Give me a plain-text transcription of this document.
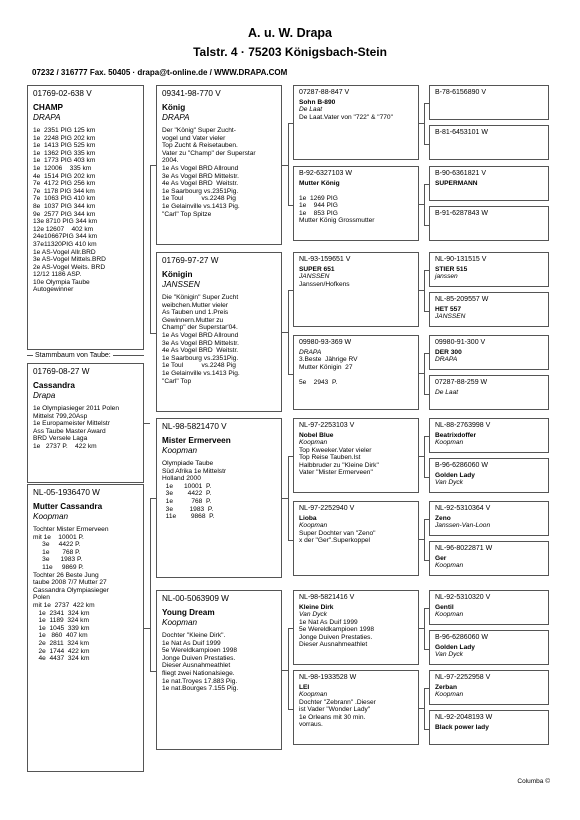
A. u. W. Drapa
Talstr. 4 · 75203 Königsbach-Stein
07232 / 316777 Fax. 50405 · drapa@t-online.de / WWW.DRAPA.COM
Stammbaum von Taube:
01769-02-638 V
CHAMP
DRAPA
1e  2351 PIG 125 km
1e  2248 PIG 202 km
1e  1413 PIG 525 km
1e  1362 PIG 335 km
1e  1773 PIG 403 km
1e  12006    335 km
4e  1514 PIG 202 km
7e  4172 PIG 256 km
7e  1178 PIG 344 km
7e  1063 PIG 410 km
8e  1037 PIG 344 km
9e  2577 PIG 344 km
13e 8710 PIG 344 km
12e 12607    402 km
24e10667PIG 344 km
37e11320PIG 410 km
1e AS-Vogel Allr.BRD
3e AS-Vogel Mittels.BRD
2e AS-Vogel Weits. BRD
12/12 1186 ASP.
10e Olympia Taube
Autogewinner
01769-08-27 W
Cassandra
Drapa
1e Olympiasieger 2011 Polen
Mittelst 799,20Asp
1e Europameister Mittelstr
Ass Taube Master Award
BRD Versele Laga
1e   2737 P.    422 km
NL-05-1936470 W
Mutter Cassandra
Koopman
Tochter Mister Ermerveen
mit 1e    10001 P.
3e     4422 P.
1e       768 P.
3e      1983 P.
11e     9869 P.
Tochter 26 Beste Jung
taube 2008 7/7 Mutter 27
Cassandra Olympiasieger
Polen
mit 1e  2737  422 km
1e  2341  324 km
1e  1189  324 km
1e  1045  339 km
1e   860  407 km
2e  2811  324 km
2e  1744  422 km
4e  4437  324 km
09341-98-770 V
König
DRAPA
Der "König" Super Zucht-
vogel und Vater vieler
Top Zucht & Reisetauben.
Vater zu "Champ" der Superstar
2004.
1e As Vogel BRD Allround
3e As Vogel BRD Mittelstr.
4e As Vogel BRD  Weitstr.
1e Saarbourg vs.2351Pig.
1e Toul          vs.2248 Pig
1e Gelainville vs.1413 Pig.
"Carl" Top Spitze
01769-97-27 W
Königin
JANSSEN
Die "Königin" Super Zucht
weibchen.Mutter vieler
As Tauben und 1.Preis
Gewinnern.Mutter zu
Champ" der Superstar'04.
1e As Vogel BRD Allround
3e As Vogel BRD Mittelstr.
4e As Vogel BRD  Weitstr.
1e Saarbourg vs.2351Pig.
1e Toul          vs.2248 Pig
1e Gelainville vs.1413 Pig.
"Carl" Top
NL-98-5821470 V
Mister Ermerveen
Koopman
Olympiade Taube
Süd Afrika 1e Mittelstr
Holland 2000
1e      10001  P.
3e        4422  P.
1e          768  P.
3e         1983  P.
11e        9868  P.
NL-00-5063909 W
Young Dream
Koopman
Dochter "Kleine Dirk".
1e Nat As Duif 1999
5e Wereldkampioen 1998
Jonge Duiven Prestaties.
Dieser Ausnahmeathlet
fliegt zwei Nationalsiege.
1e nat.Troyes 17.883 Pig.
1e nat.Bourges 7.155 Pig.
07287-88-847 V
Sohn B-890
De Laat
De Laat.Vater von "722" & "770"
B-92-6327103 W
Mutter König
1e  1269 PIG
1e    944 PIG
1e    853 PIG
Mutter König Grossmutter
NL-93-159651 V
SUPER 651
JANSSEN
Janssen/Hofkens
09980-93-369 W
DRAPA
3.Beste  Jährige RV
Mutter Königin  27
5e    2943  P.
NL-97-2253103 V
Nobel Blue
Koopman
Top Kweeker.Vater vieler
Top Reise Tauben.Ist
Halbbruder zu "Kleine Dirk"
Vater "Mister Ermerveen"
NL-97-2252940 V
Lioba
Koopman
Super Dochter van "Zeno"
x der "Ger".Superkoppel
NL-98-5821416 V
Kleine Dirk
Van Dyck
1e Nat As Duif 1999
5e Wereldkampioen 1998
Jonge Duiven Prestaties.
Dieser Ausnahmeathlet
NL-98-1933528 W
LEI
Koopman
Dochter "Zebrann" .Dieser
ist Vader "Wonder Lady"
1e Orleans mit 30 min.
vorraus.
B-78-6156890 V
B-81-6453101 W
B-90-6361821 V
SUPERMANN
B-91-6287843 W
NL-90-131515 V
STIER 515
janssen
NL-85-209557 W
HET 557
JANSSEN
09980-91-300 V
DER 300
DRAPA
07287-88-259 W
De Laat
NL-88-2763998 V
Beatrixdoffer
Koopman
B-96-6286060 W
Golden Lady
Van Dyck
NL-92-5310364 V
Zeno
Janssen-Van-Loon
NL-96-8022871 W
Ger
Koopman
NL-92-5310320 V
Gentil
Koopman
B-96-6286060 W
Golden Lady
Van Dyck
NL-97-2252958 V
Zerban
Koopman
NL-92-2048193 W
Black power lady
Columba ©
